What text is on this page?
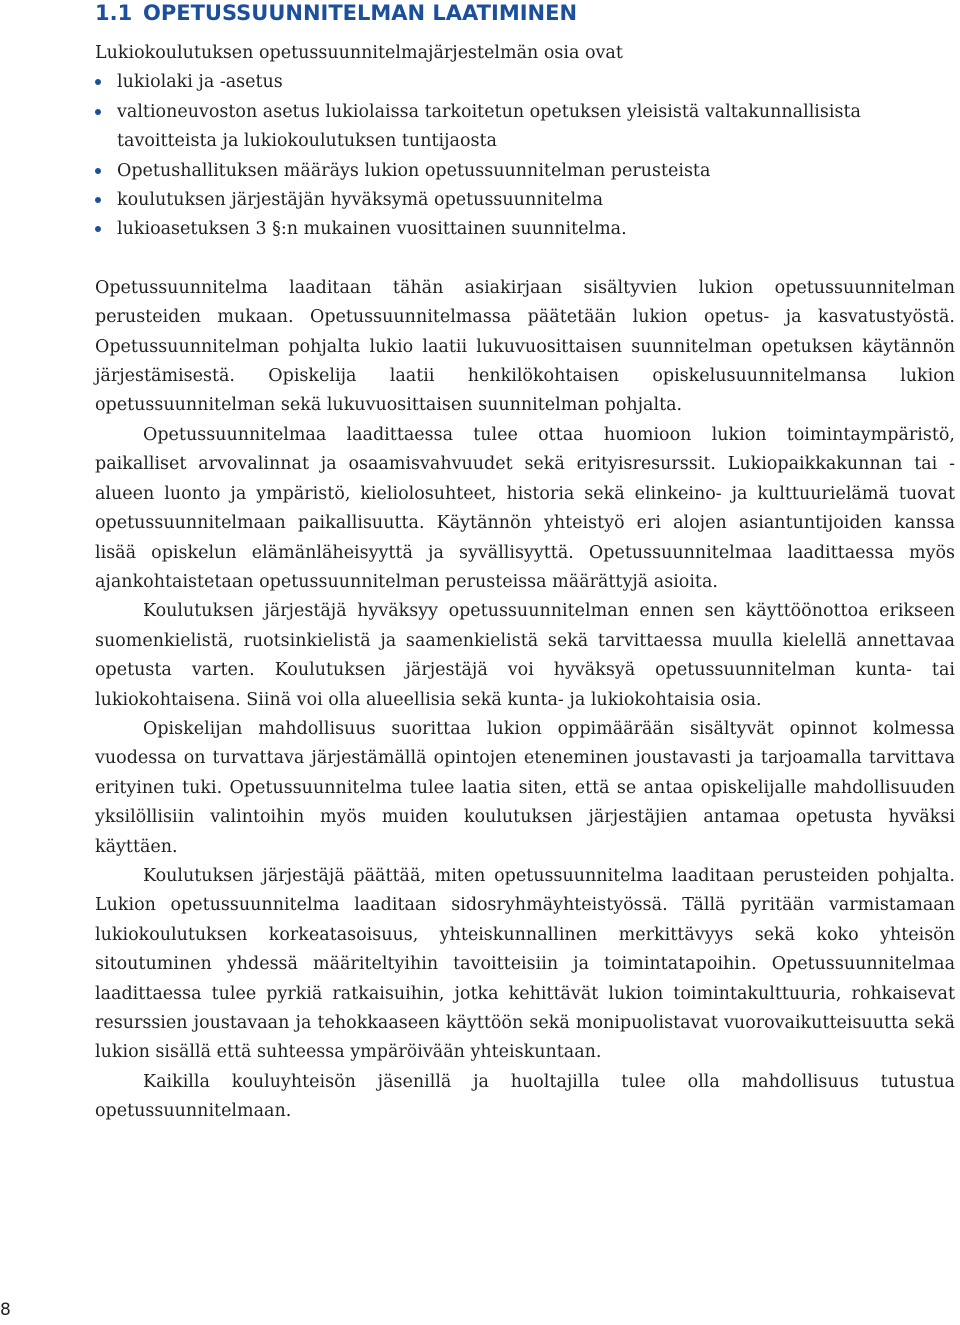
1.1 OPETUSSUUNNITELMAN LAATIMINEN

Lukiokoulutuksen opetussuunnitelmajärjestelmän osia ovat

lukiolaki ja -asetus
valtioneuvoston asetus lukiolaissa tarkoitetun opetuksen yleisistä valtakunnallisista tavoitteista ja lukiokoulutuksen tuntijaosta
Opetushallituksen määräys lukion opetussuunnitelman perusteista
koulutuksen järjestäjän hyväksymä opetussuunnitelma
lukioasetuksen 3 §:n mukainen vuosittainen suunnitelma.

Opetussuunnitelma laaditaan tähän asiakirjaan sisältyvien lukion opetussuunnitelman perusteiden mukaan. Opetussuunnitelmassa päätetään lukion opetus- ja kasvatustyöstä. Opetussuunnitelman pohjalta lukio laatii lukuvuosittaisen suunnitelman opetuksen käytännön järjestämisestä. Opiskelija laatii henkilökohtaisen opiskelusuunnitelmansa lukion opetussuunnitelman sekä lukuvuosittaisen suunnitelman pohjalta.

Opetussuunnitelmaa laadittaessa tulee ottaa huomioon lukion toimintaympäristö, paikalliset arvovalinnat ja osaamisvahvuudet sekä erityisresurssit. Lukiopaikkakunnan tai -alueen luonto ja ympäristö, kieliolosuhteet, historia sekä elinkeino- ja kulttuurielämä tuovat opetussuunnitelmaan paikallisuutta. Käytännön yhteistyö eri alojen asiantuntijoiden kanssa lisää opiskelun elämänläheisyyttä ja syvällisyyttä. Opetussuunnitelmaa laadittaessa myös ajankohtaistetaan opetussuunnitelman perusteissa määrättyjä asioita.

Koulutuksen järjestäjä hyväksyy opetussuunnitelman ennen sen käyttöönottoa erikseen suomenkielistä, ruotsinkielistä ja saamenkielistä sekä tarvittaessa muulla kielellä annettavaa opetusta varten. Koulutuksen järjestäjä voi hyväksyä opetussuunnitelman kunta- tai lukiokohtaisena. Siinä voi olla alueellisia sekä kunta- ja lukiokohtaisia osia.

Opiskelijan mahdollisuus suorittaa lukion oppimäärään sisältyvät opinnot kolmessa vuodessa on turvattava järjestämällä opintojen eteneminen joustavasti ja tarjoamalla tarvittava erityinen tuki. Opetussuunnitelma tulee laatia siten, että se antaa opiskelijalle mahdollisuuden yksilöllisiin valintoihin myös muiden koulutuksen järjestäjien antamaa opetusta hyväksi käyttäen.

Koulutuksen järjestäjä päättää, miten opetussuunnitelma laaditaan perusteiden pohjalta. Lukion opetussuunnitelma laaditaan sidosryhmäyhteistyössä. Tällä pyritään varmistamaan lukiokoulutuksen korkeatasoisuus, yhteiskunnallinen merkittävyys sekä koko yhteisön sitoutuminen yhdessä määriteltyihin tavoitteisiin ja toimintatapoihin. Opetussuunnitelmaa laadittaessa tulee pyrkiä ratkaisuihin, jotka kehittävät lukion toimintakulttuuria, rohkaisevat resurssien joustavaan ja tehokkaaseen käyttöön sekä monipuolistavat vuorovaikutteisuutta sekä lukion sisällä että suhteessa ympäröivään yhteiskuntaan.

Kaikilla kouluyhteisön jäsenillä ja huoltajilla tulee olla mahdollisuus tutustua opetussuunnitelmaan.

8
